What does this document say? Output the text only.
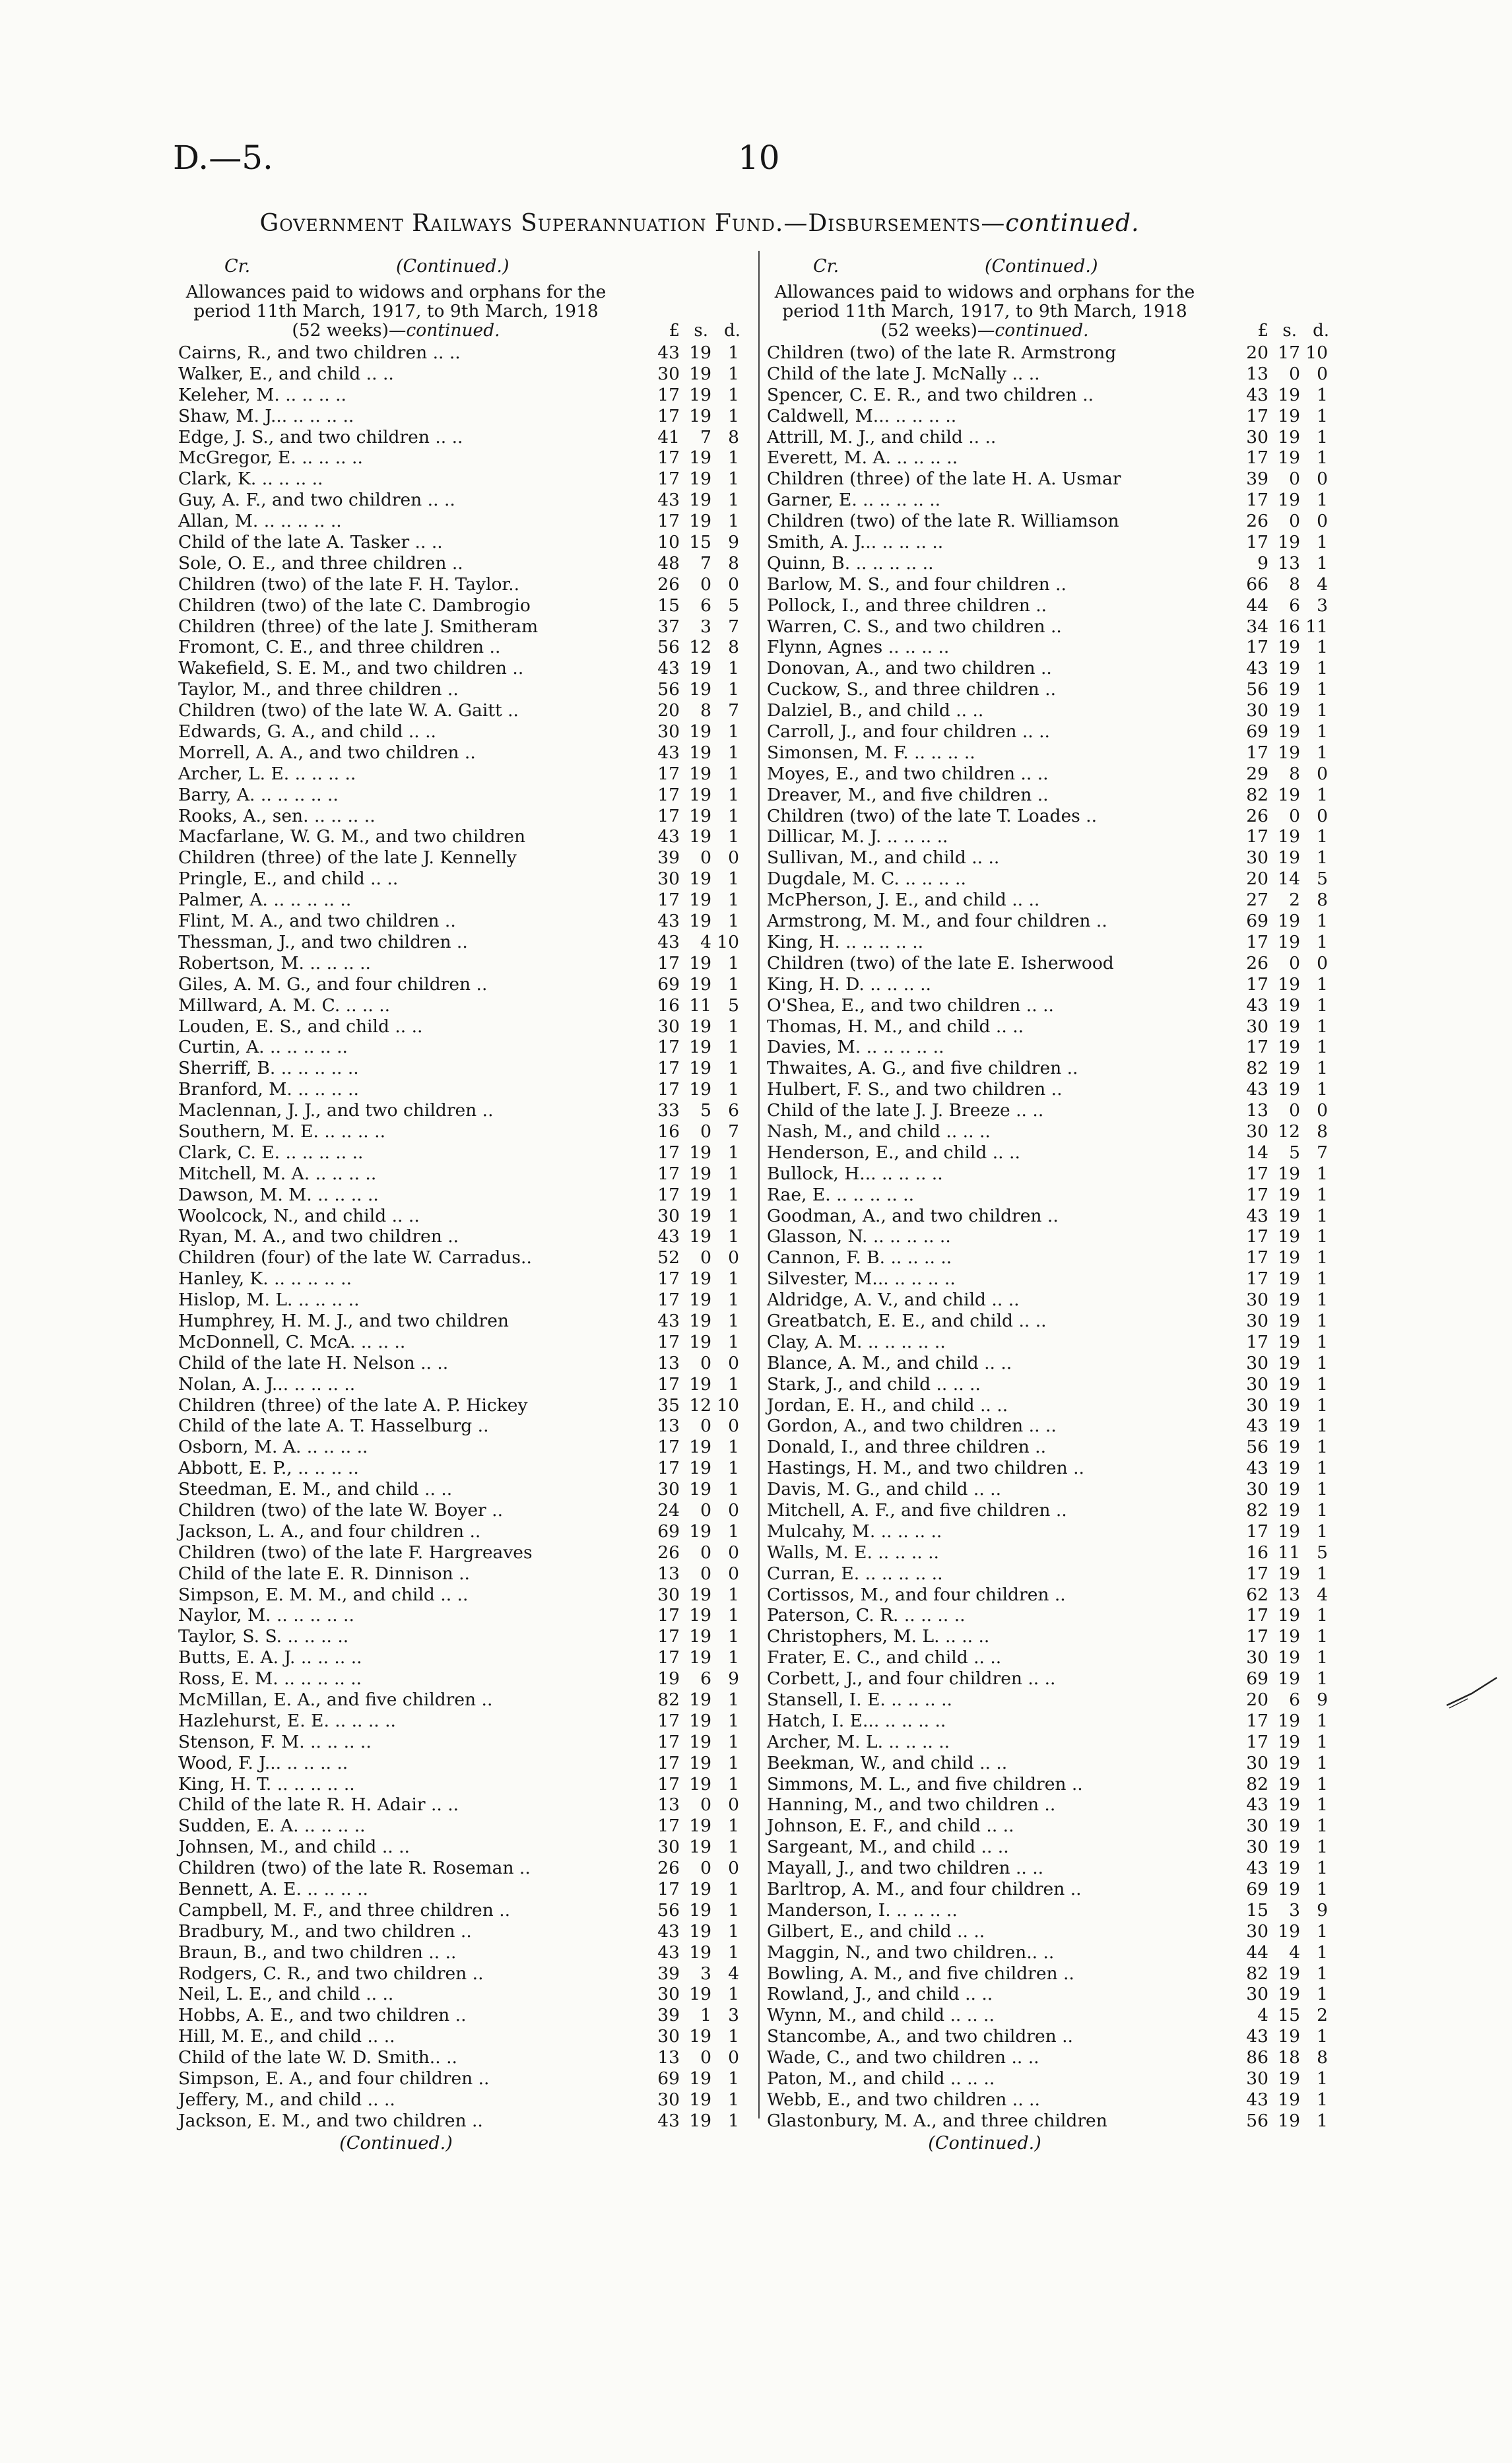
D.—5.	10
Government Railways Superannuation Fund.—Disbursements—continued.
Cr.	(Continued.)
Allowances paid to widows and orphans for the period 11th March, 1917, to 9th March, 1918 (52 weeks)—continued.	£ s. d.
Cairns, R., and two children .. ..	43 19 1
Walker, E., and child .. ..	30 19 1
Keleher, M. .. .. .. ..	17 19 1
Shaw, M. J... .. .. .. ..	17 19 1
Edge, J. S., and two children .. ..	41	7 8
McGregor, E. .. .. .. ..	17 19 1
Clark, K. .. .. .. ..	17 19 1
Guy, A. F., and two children .. ..	43 19 1
Allan, M. .. .. .. .. ..	17 19 1
Child of the late A. Tasker .. ..	10 15 9
Sole, O. E., and three children ..	48	7 8
Children (two) of the late F. H. Taylor..	26	0 0
Children (two) of the late C. Dambrogio	15	6 5
Children (three) of the late J. Smitheram	37	3 7
Fromont, C. E., and three children ..	56 12 8
Wakefield, S. E. M., and two children ..	43 19 1
Taylor, M., and three children ..	56 19 1
Children (two) of the late W. A. Gaitt ..	20	8 7
Edwards, G. A., and child .. ..	30 19 1
Morrell, A. A., and two children ..	43 19 1
Archer, L. E. .. .. .. ..	17 19 1
Barry, A. .. .. .. .. ..	17 19 1
Rooks, A., sen. .. .. .. ..	17 19 1
Macfarlane, W. G. M., and two children	43 19 1
Children (three) of the late J. Kennelly	39	0 0
Pringle, E., and child .. ..	30 19 1
Palmer, A. .. .. .. .. ..	17 19 1
Flint, M. A., and two children ..	43 19 1
Thessman, J., and two children ..	43	4 10
Robertson, M. .. .. .. ..	17 19 1
Giles, A. M. G., and four children ..	69 19 1
Millward, A. M. C. .. .. ..	16 11 5
Louden, E. S., and child .. ..	30 19 1
Curtin, A. .. .. .. .. ..	17 19 1
Sherriff, B. .. .. .. .. ..	17 19 1
Branford, M. .. .. .. ..	17 19 1
Maclennan, J. J., and two children ..	33	5 6
Southern, M. E. .. .. .. ..	16	0 7
Clark, C. E. .. .. .. .. ..	17 19 1
Mitchell, M. A. .. .. .. ..	17 19 1
Dawson, M. M. .. .. .. ..	17 19 1
Woolcock, N., and child .. ..	30 19 1
Ryan, M. A., and two children ..	43 19 1
Children (four) of the late W. Carradus..	52	0 0
Hanley, K. .. .. .. .. ..	17 19 1
Hislop, M. L. .. .. .. ..	17 19 1
Humphrey, H. M. J., and two children	43 19 1
McDonnell, C. McA. .. .. ..	17 19 1
Child of the late H. Nelson .. ..	13	0 0
Nolan, A. J... .. .. .. ..	17 19 1
Children (three) of the late A. P. Hickey	35 12 10
Child of the late A. T. Hasselburg ..	13	0 0
Osborn, M. A. .. .. .. ..	17 19 1
Abbott, E. P., .. .. .. ..	17 19 1
Steedman, E. M., and child .. ..	30 19 1
Children (two) of the late W. Boyer ..	24	0 0
Jackson, L. A., and four children ..	69 19 1
Children (two) of the late F. Hargreaves	26	0 0
Child of the late E. R. Dinnison ..	13	0 0
Simpson, E. M. M., and child .. ..	30 19 1
Naylor, M. .. .. .. .. ..	17 19 1
Taylor, S. S. .. .. .. ..	17 19 1
Butts, E. A. J. .. .. .. ..	17 19 1
Ross, E. M. .. .. .. .. ..	19	6 9
McMillan, E. A., and five children ..	82 19 1
Hazlehurst, E. E. .. .. .. ..	17 19 1
Stenson, F. M. .. .. .. ..	17 19 1
Wood, F. J... .. .. .. ..	17 19 1
King, H. T. .. .. .. .. ..	17 19 1
Child of the late R. H. Adair .. ..	13	0 0
Sudden, E. A. .. .. .. ..	17 19 1
Johnsen, M., and child .. ..	30 19 1
Children (two) of the late R. Roseman ..	26	0 0
Bennett, A. E. .. .. .. ..	17 19 1
Campbell, M. F., and three children ..	56 19 1
Bradbury, M., and two children ..	43 19 1
Braun, B., and two children .. ..	43 19 1
Rodgers, C. R., and two children ..	39	3 4
Neil, L. E., and child .. ..	30 19 1
Hobbs, A. E., and two children ..	39	1 3
Hill, M. E., and child .. ..	30 19 1
Child of the late W. D. Smith.. ..	13	0 0
Simpson, E. A., and four children ..	69 19 1
Jeffery, M., and child .. ..	30 19 1
Jackson, E. M., and two children ..	43 19 1
(Continued.)
Cr.	(Continued.)
Allowances paid to widows and orphans for the period 11th March, 1917, to 9th March, 1918 (52 weeks)—continued.	£ s. d.
Children (two) of the late R. Armstrong	20 17 10
Child of the late J. McNally .. ..	13	0 0
Spencer, C. E. R., and two children ..	43 19 1
Caldwell, M... .. .. .. ..	17 19 1
Attrill, M. J., and child .. ..	30 19 1
Everett, M. A. .. .. .. ..	17 19 1
Children (three) of the late H. A. Usmar	39	0 0
Garner, E. .. .. .. .. ..	17 19 1
Children (two) of the late R. Williamson	26	0 0
Smith, A. J... .. .. .. ..	17 19 1
Quinn, B. .. .. .. .. ..	9 13 1
Barlow, M. S., and four children ..	66	8 4
Pollock, I., and three children ..	44	6 3
Warren, C. S., and two children ..	34 16 11
Flynn, Agnes .. .. .. ..	17 19 1
Donovan, A., and two children ..	43 19 1
Cuckow, S., and three children ..	56 19 1
Dalziel, B., and child .. ..	30 19 1
Carroll, J., and four children .. ..	69 19 1
Simonsen, M. F. .. .. .. ..	17 19 1
Moyes, E., and two children .. ..	29	8 0
Dreaver, M., and five children ..	82 19 1
Children (two) of the late T. Loades ..	26	0 0
Dillicar, M. J. .. .. .. ..	17 19 1
Sullivan, M., and child .. ..	30 19 1
Dugdale, M. C. .. .. .. ..	20 14 5
McPherson, J. E., and child .. ..	27	2 8
Armstrong, M. M., and four children ..	69 19 1
King, H. .. .. .. .. ..	17 19 1
Children (two) of the late E. Isherwood	26	0 0
King, H. D. .. .. .. ..	17 19 1
O'Shea, E., and two children .. ..	43 19 1
Thomas, H. M., and child .. ..	30 19 1
Davies, M. .. .. .. .. ..	17 19 1
Thwaites, A. G., and five children ..	82 19 1
Hulbert, F. S., and two children ..	43 19 1
Child of the late J. J. Breeze .. ..	13	0 0
Nash, M., and child .. .. ..	30 12 8
Henderson, E., and child .. ..	14	5 7
Bullock, H... .. .. .. ..	17 19 1
Rae, E. .. .. .. .. ..	17 19 1
Goodman, A., and two children ..	43 19 1
Glasson, N. .. .. .. .. ..	17 19 1
Cannon, F. B. .. .. .. ..	17 19 1
Silvester, M... .. .. .. ..	17 19 1
Aldridge, A. V., and child .. ..	30 19 1
Greatbatch, E. E., and child .. ..	30 19 1
Clay, A. M. .. .. .. .. ..	17 19 1
Blance, A. M., and child .. ..	30 19 1
Stark, J., and child .. .. ..	30 19 1
Jordan, E. H., and child .. ..	30 19 1
Gordon, A., and two children .. ..	43 19 1
Donald, I., and three children ..	56 19 1
Hastings, H. M., and two children ..	43 19 1
Davis, M. G., and child .. ..	30 19 1
Mitchell, A. F., and five children ..	82 19 1
Mulcahy, M. .. .. .. ..	17 19 1
Walls, M. E. .. .. .. ..	16 11 5
Curran, E. .. .. .. .. ..	17 19 1
Cortissos, M., and four children ..	62 13 4
Paterson, C. R. .. .. .. ..	17 19 1
Christophers, M. L. .. .. ..	17 19 1
Frater, E. C., and child .. ..	30 19 1
Corbett, J., and four children .. ..	69 19 1
Stansell, I. E. .. .. .. ..	20	6 9
Hatch, I. E... .. .. .. ..	17 19 1
Archer, M. L. .. .. .. ..	17 19 1
Beekman, W., and child .. ..	30 19 1
Simmons, M. L., and five children ..	82 19 1
Hanning, M., and two children ..	43 19 1
Johnson, E. F., and child .. ..	30 19 1
Sargeant, M., and child .. ..	30 19 1
Mayall, J., and two children .. ..	43 19 1
Barltrop, A. M., and four children ..	69 19 1
Manderson, I. .. .. .. ..	15	3 9
Gilbert, E., and child .. ..	30 19 1
Maggin, N., and two children.. ..	44	4 1
Bowling, A. M., and five children ..	82 19 1
Rowland, J., and child .. ..	30 19 1
Wynn, M., and child .. .. ..	4 15 2
Stancombe, A., and two children ..	43 19 1
Wade, C., and two children .. ..	86 18 8
Paton, M., and child .. .. ..	30 19 1
Webb, E., and two children .. ..	43 19 1
Glastonbury, M. A., and three children	56 19 1
(Continued.)
